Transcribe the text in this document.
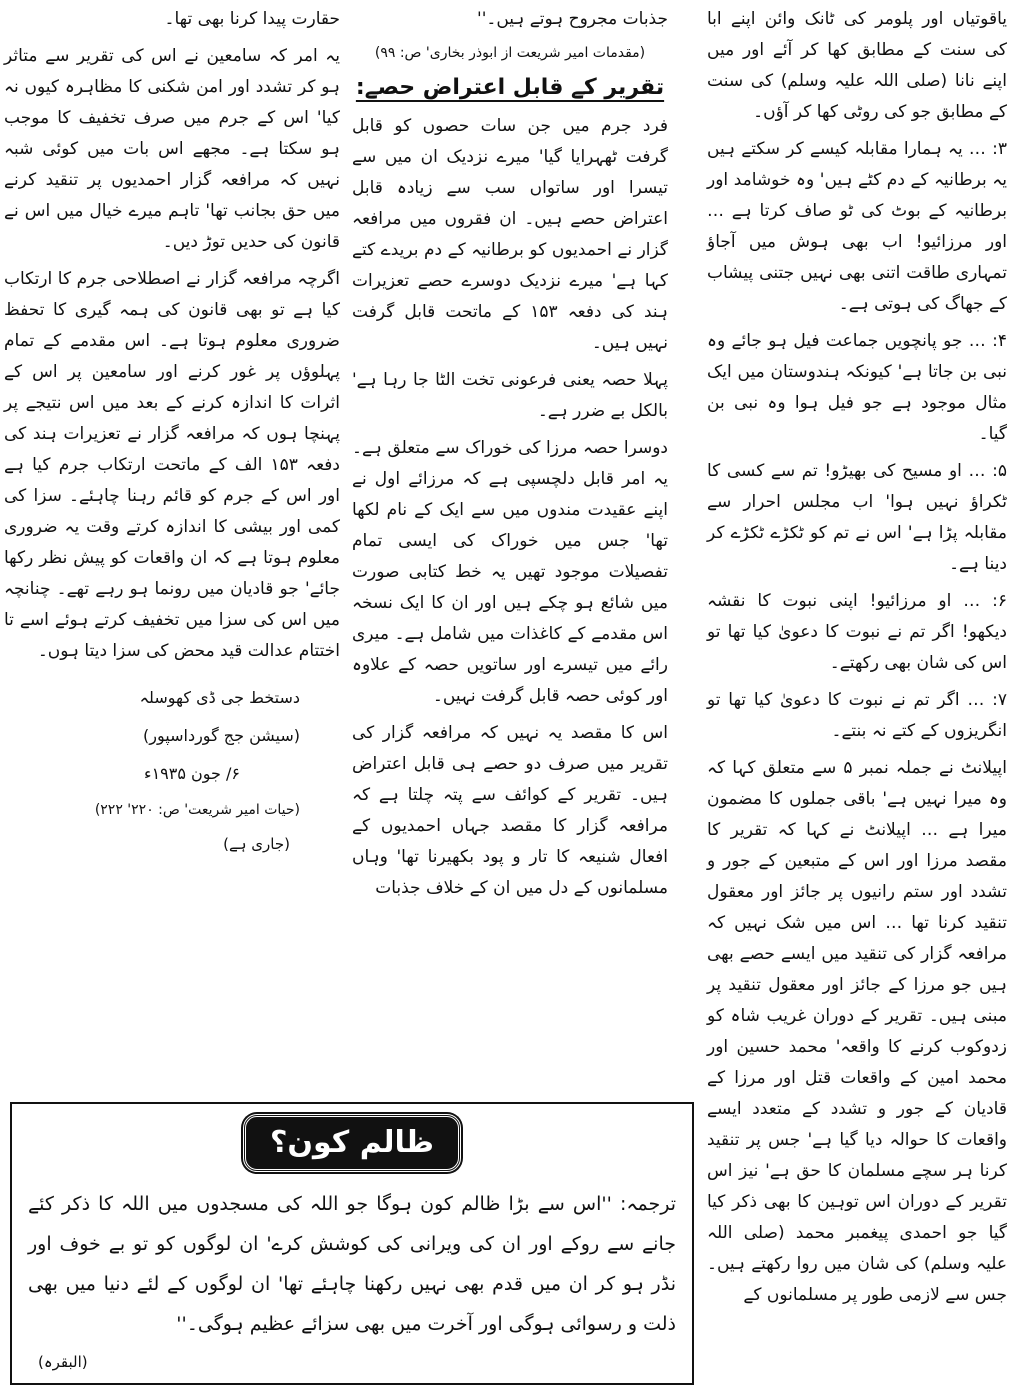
یاقوتیاں اور پلومر کی ٹانک وائن اپنے ابا کی سنت کے مطابق کھا کر آئے اور میں اپنے نانا (صلی اللہ علیہ وسلم) کی سنت کے مطابق جو کی روٹی کھا کر آؤں۔

۳: … یہ ہمارا مقابلہ کیسے کر سکتے ہیں یہ برطانیہ کے دم کٹے ہیں' وہ خوشامد اور برطانیہ کے بوٹ کی ٹو صاف کرتا ہے … اور مرزائیو! اب بھی ہوش میں آجاؤ تمہاری طاقت اتنی بھی نہیں جتنی پیشاب کے جھاگ کی ہوتی ہے۔

۴: … جو پانچویں جماعت فیل ہو جائے وہ نبی بن جاتا ہے' کیونکہ ہندوستان میں ایک مثال موجود ہے جو فیل ہوا وہ نبی بن گیا۔

۵: … او مسیح کی بھیڑو! تم سے کسی کا ٹکراؤ نہیں ہوا' اب مجلس احرار سے مقابلہ پڑا ہے' اس نے تم کو ٹکڑے ٹکڑے کر دینا ہے۔

۶: … او مرزائیو! اپنی نبوت کا نقشہ دیکھو! اگر تم نے نبوت کا دعویٰ کیا تھا تو اس کی شان بھی رکھتے۔

۷: … اگر تم نے نبوت کا دعویٰ کیا تھا تو انگریزوں کے کتے نہ بنتے۔

اپیلانٹ نے جملہ نمبر ۵ سے متعلق کہا کہ وہ میرا نہیں ہے' باقی جملوں کا مضمون میرا ہے … اپیلانٹ نے کہا کہ تقریر کا مقصد مرزا اور اس کے متبعین کے جور و تشدد اور ستم رانیوں پر جائز اور معقول تنقید کرنا تھا … اس میں شک نہیں کہ مرافعہ گزار کی تنقید میں ایسے حصے بھی ہیں جو مرزا کے جائز اور معقول تنقید پر مبنی ہیں۔ تقریر کے دوران غریب شاہ کو زدوکوب کرنے کا واقعہ' محمد حسین اور محمد امین کے واقعات قتل اور مرزا کے قادیان کے جور و تشدد کے متعدد ایسے واقعات کا حوالہ دیا گیا ہے' جس پر تنقید کرنا ہر سچے مسلمان کا حق ہے' نیز اس تقریر کے دوران اس توہین کا بھی ذکر کیا گیا جو احمدی پیغمبر محمد (صلی اللہ علیہ وسلم) کی شان میں روا رکھتے ہیں۔ جس سے لازمی طور پر مسلمانوں کے

جذبات مجروح ہوتے ہیں۔''

(مقدمات امیر شریعت از ابوذر بخاری' ص: ۹۹)

تقریر کے قابل اعتراض حصے:

فرد جرم میں جن سات حصوں کو قابل گرفت ٹھہرایا گیا' میرے نزدیک ان میں سے تیسرا اور ساتواں سب سے زیادہ قابل اعتراض حصے ہیں۔ ان فقروں میں مرافعہ گزار نے احمدیوں کو برطانیہ کے دم بریدے کتے کہا ہے' میرے نزدیک دوسرے حصے تعزیرات ہند کی دفعہ ۱۵۳ کے ماتحت قابل گرفت نہیں ہیں۔

پہلا حصہ یعنی فرعونی تخت الٹا جا رہا ہے' بالکل بے ضرر ہے۔

دوسرا حصہ مرزا کی خوراک سے متعلق ہے۔ یہ امر قابل دلچسپی ہے کہ مرزائے اول نے اپنے عقیدت مندوں میں سے ایک کے نام لکھا تھا' جس میں خوراک کی ایسی تمام تفصیلات موجود تھیں یہ خط کتابی صورت میں شائع ہو چکے ہیں اور ان کا ایک نسخہ اس مقدمے کے کاغذات میں شامل ہے۔ میری رائے میں تیسرے اور ساتویں حصہ کے علاوہ اور کوئی حصہ قابل گرفت نہیں۔

اس کا مقصد یہ نہیں کہ مرافعہ گزار کی تقریر میں صرف دو حصے ہی قابل اعتراض ہیں۔ تقریر کے کوائف سے پتہ چلتا ہے کہ مرافعہ گزار کا مقصد جہاں احمدیوں کے افعال شنیعہ کا تار و پود بکھیرنا تھا' وہاں مسلمانوں کے دل میں ان کے خلاف جذبات

حقارت پیدا کرنا بھی تھا۔

یہ امر کہ سامعین نے اس کی تقریر سے متاثر ہو کر تشدد اور امن شکنی کا مظاہرہ کیوں نہ کیا' اس کے جرم میں صرف تخفیف کا موجب ہو سکتا ہے۔ مجھے اس بات میں کوئی شبہ نہیں کہ مرافعہ گزار احمدیوں پر تنقید کرنے میں حق بجانب تھا' تاہم میرے خیال میں اس نے قانون کی حدیں توڑ دیں۔

اگرچہ مرافعہ گزار نے اصطلاحی جرم کا ارتکاب کیا ہے تو بھی قانون کی ہمہ گیری کا تحفظ ضروری معلوم ہوتا ہے۔ اس مقدمے کے تمام پہلوؤں پر غور کرنے اور سامعین پر اس کے اثرات کا اندازہ کرنے کے بعد میں اس نتیجے پر پہنچا ہوں کہ مرافعہ گزار نے تعزیرات ہند کی دفعہ ۱۵۳ الف کے ماتحت ارتکاب جرم کیا ہے اور اس کے جرم کو قائم رہنا چاہئے۔ سزا کی کمی اور بیشی کا اندازہ کرتے وقت یہ ضروری معلوم ہوتا ہے کہ ان واقعات کو پیش نظر رکھا جائے' جو قادیان میں رونما ہو رہے تھے۔ چنانچہ میں اس کی سزا میں تخفیف کرتے ہوئے اسے تا اختتام عدالت قید محض کی سزا دیتا ہوں۔

دستخط جی ڈی کھوسلہ
(سیشن جج گورداسپور)
۶/ جون ۱۹۳۵ء
(حیات امیر شریعت' ص: ۲۲۰' ۲۲۲)
(جاری ہے)
ظالم کون؟
ترجمہ: ''اس سے بڑا ظالم کون ہوگا جو اللہ کی مسجدوں میں اللہ کا ذکر کئے جانے سے روکے اور ان کی ویرانی کی کوشش کرے' ان لوگوں کو تو بے خوف اور نڈر ہو کر ان میں قدم بھی نہیں رکھنا چاہئے تھا' ان لوگوں کے لئے دنیا میں بھی ذلت و رسوائی ہوگی اور آخرت میں بھی سزائے عظیم ہوگی۔''
(البقرہ)
